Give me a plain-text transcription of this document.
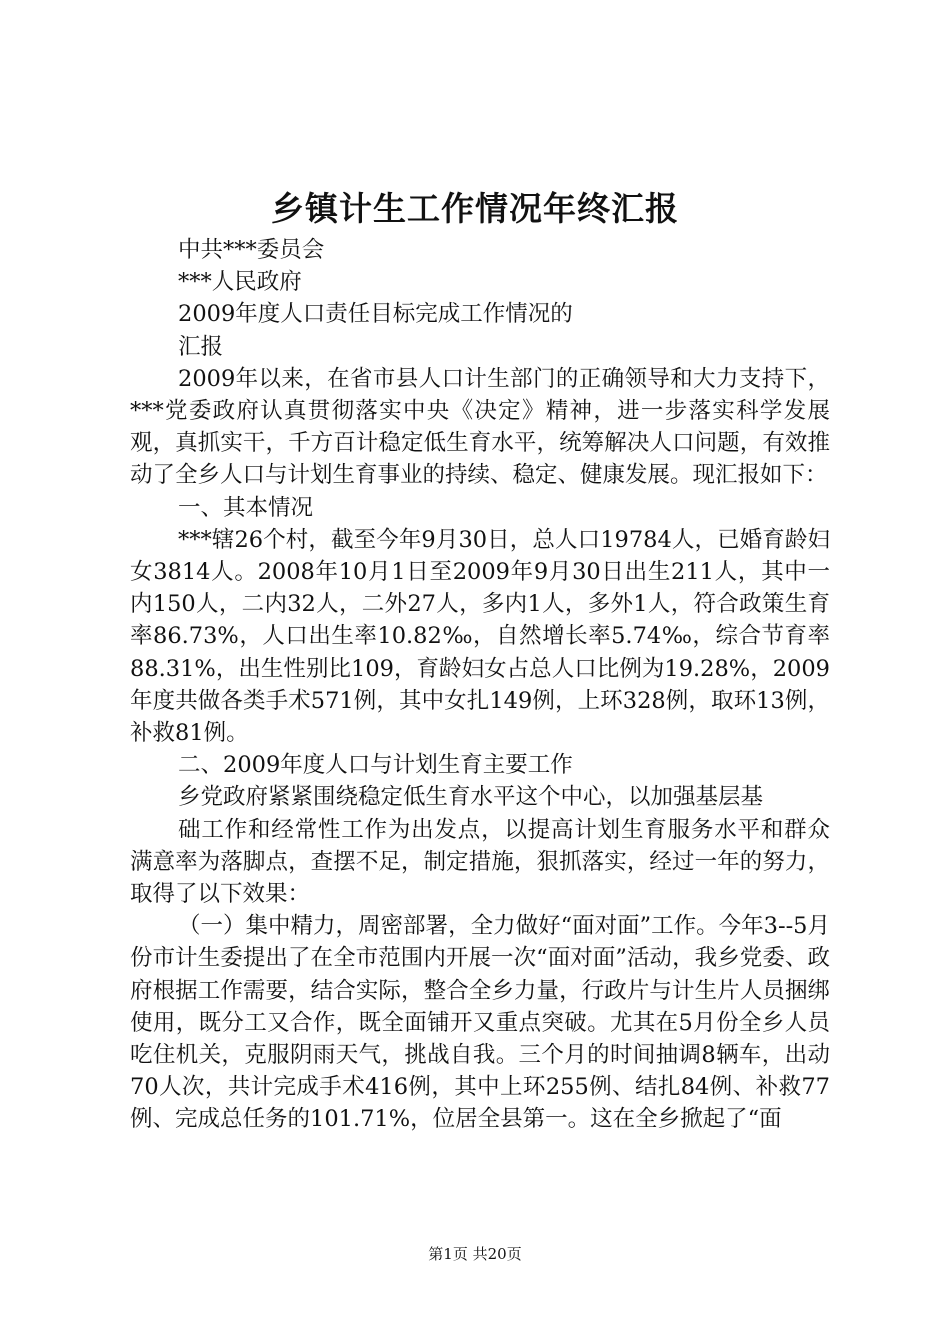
乡镇计生工作情况年终汇报

中共***委员会

***人民政府

2009年度人口责任目标完成工作情况的

汇报

2009年以来，在省市县人口计生部门的正确领导和大力支持下，***党委政府认真贯彻落实中央《决定》精神，进一步落实科学发展观，真抓实干，千方百计稳定低生育水平，统筹解决人口问题，有效推动了全乡人口与计划生育事业的持续、稳定、健康发展。现汇报如下：

一、其本情况

***辖26个村，截至今年9月30日，总人口19784人，已婚育龄妇女3814人。2008年10月1日至2009年9月30日出生211人，其中一内150人，二内32人，二外27人，多内1人，多外1人，符合政策生育率86.73%，人口出生率10.82‰，自然增长率5.74‰，综合节育率88.31%，出生性别比109，育龄妇女占总人口比例为19.28%，2009年度共做各类手术571例，其中女扎149例，上环328例，取环13例，补救81例。

二、2009年度人口与计划生育主要工作

乡党政府紧紧围绕稳定低生育水平这个中心，以加强基层基

础工作和经常性工作为出发点，以提高计划生育服务水平和群众满意率为落脚点，查摆不足，制定措施，狠抓落实，经过一年的努力，取得了以下效果：

（一）集中精力，周密部署，全力做好“面对面”工作。今年3--5月份市计生委提出了在全市范围内开展一次“面对面”活动，我乡党委、政府根据工作需要，结合实际，整合全乡力量，行政片与计生片人员捆绑使用，既分工又合作，既全面铺开又重点突破。尤其在5月份全乡人员吃住机关，克服阴雨天气，挑战自我。三个月的时间抽调8辆车，出动70人次，共计完成手术416例，其中上环255例、结扎84例、补救77例、完成总任务的101.71%，位居全县第一。这在全乡掀起了“面

第1页 共20页
